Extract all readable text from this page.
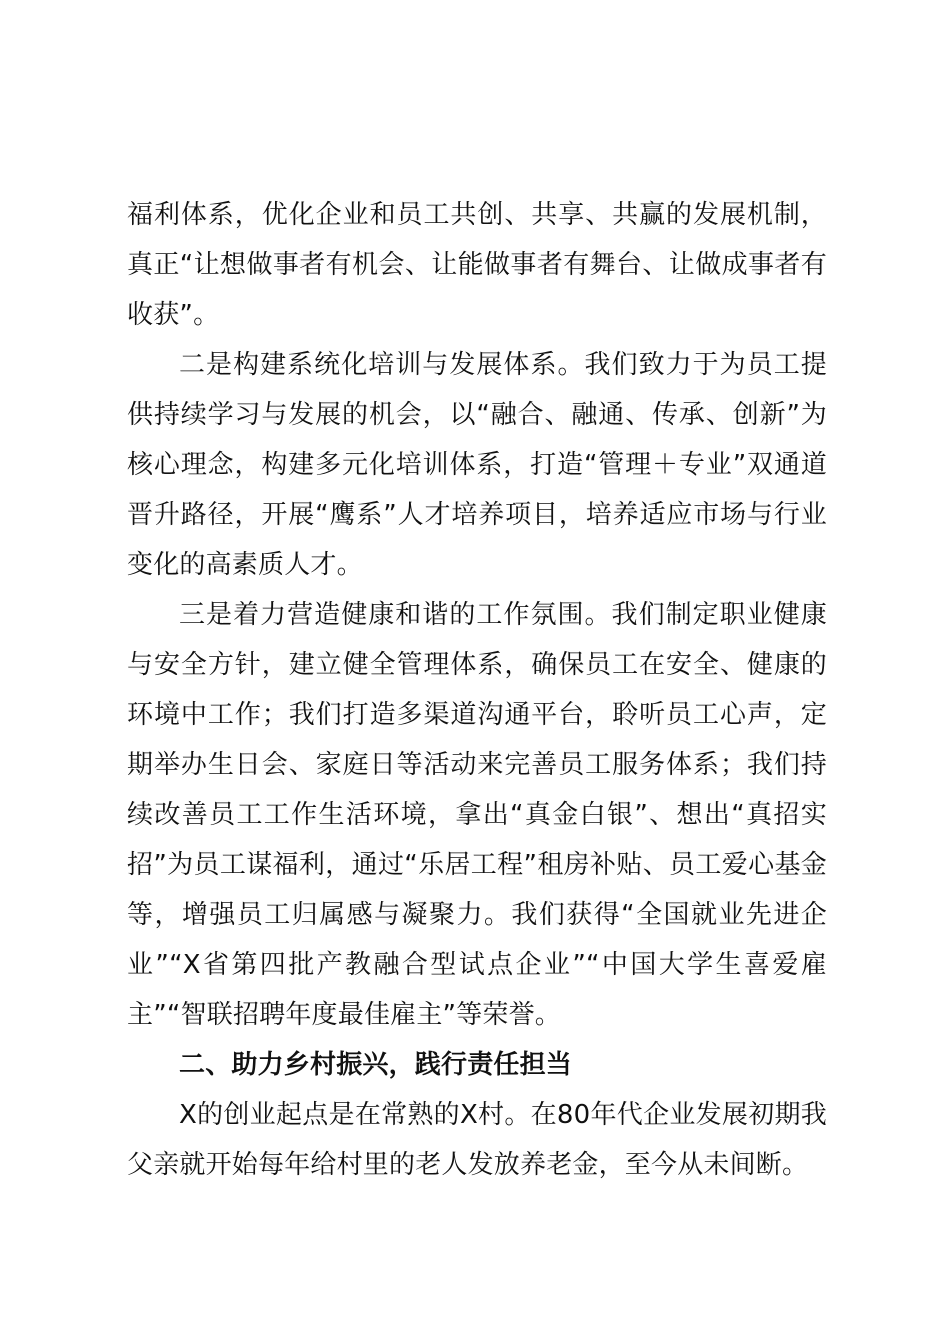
福利体系，优化企业和员工共创、共享、共赢的发展机制，真正“让想做事者有机会、让能做事者有舞台、让做成事者有收获”。

二是构建系统化培训与发展体系。我们致力于为员工提供持续学习与发展的机会，以“融合、融通、传承、创新”为核心理念，构建多元化培训体系，打造“管理＋专业”双通道晋升路径，开展“鹰系”人才培养项目，培养适应市场与行业变化的高素质人才。

三是着力营造健康和谐的工作氛围。我们制定职业健康与安全方针，建立健全管理体系，确保员工在安全、健康的环境中工作；我们打造多渠道沟通平台，聆听员工心声，定期举办生日会、家庭日等活动来完善员工服务体系；我们持续改善员工工作生活环境，拿出“真金白银”、想出“真招实招”为员工谋福利，通过“乐居工程”租房补贴、员工爱心基金等，增强员工归属感与凝聚力。我们获得“全国就业先进企业”“X省第四批产教融合型试点企业”“中国大学生喜爱雇主”“智联招聘年度最佳雇主”等荣誉。

二、助力乡村振兴，践行责任担当

X的创业起点是在常熟的X村。在80年代企业发展初期我父亲就开始每年给村里的老人发放养老金，至今从未间断。
